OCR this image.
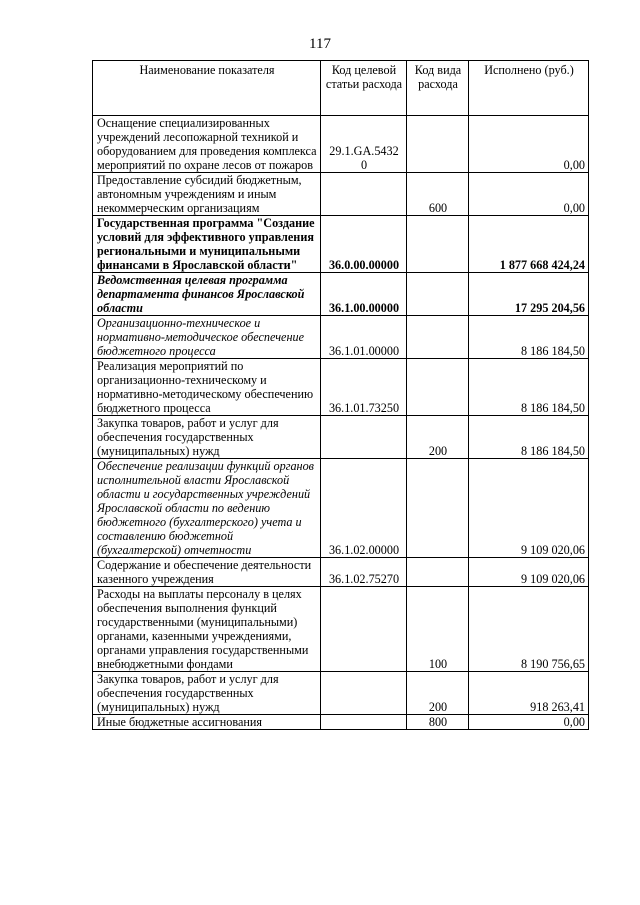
117
Наименование показателя	Код целевой статьи расхода	Код вида расхода	Исполнено (руб.)
Оснащение специализированных учреждений лесопожарной техникой и оборудованием для проведения комплекса мероприятий по охране лесов от пожаров	29.1.GA.5432 0		0,00
Предоставление субсидий бюджетным, автономным учреждениям и иным некоммерческим организациям		600	0,00
Государственная программа "Создание условий для эффективного управления региональными и муниципальными финансами в Ярославской области"	36.0.00.00000		1 877 668 424,24
Ведомственная целевая программа департамента финансов Ярославской области	36.1.00.00000		17 295 204,56
Организационно-техническое и нормативно-методическое обеспечение бюджетного процесса	36.1.01.00000		8 186 184,50
Реализация мероприятий по организационно-техническому и нормативно-методическому обеспечению бюджетного процесса	36.1.01.73250		8 186 184,50
Закупка товаров, работ и услуг для обеспечения государственных (муниципальных) нужд		200	8 186 184,50
Обеспечение реализации функций органов исполнительной власти Ярославской области и государственных учреждений Ярославской области по ведению бюджетного (бухгалтерского) учета и составлению бюджетной (бухгалтерской) отчетности	36.1.02.00000		9 109 020,06
Содержание и обеспечение деятельности казенного учреждения	36.1.02.75270		9 109 020,06
Расходы на выплаты персоналу в целях обеспечения выполнения функций государственными (муниципальными) органами, казенными учреждениями, органами управления государственными внебюджетными фондами		100	8 190 756,65
Закупка товаров, работ и услуг для обеспечения государственных (муниципальных) нужд		200	918 263,41
Иные бюджетные ассигнования		800	0,00
